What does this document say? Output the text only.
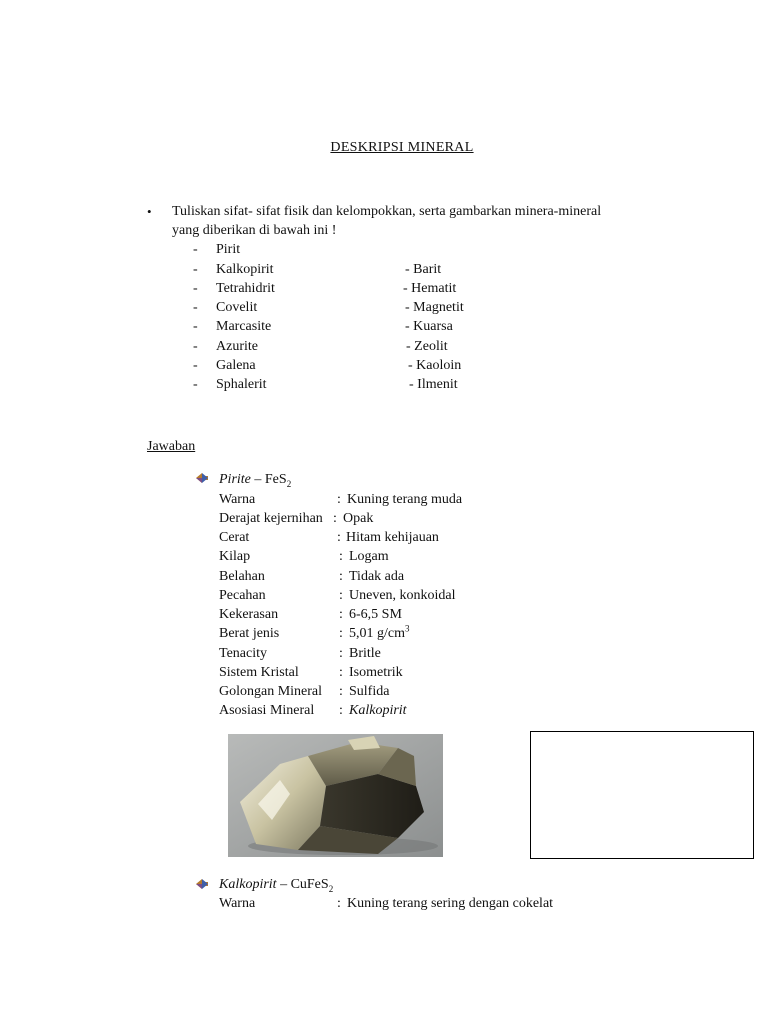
DESKRIPSI MINERAL
• Tuliskan sifat- sifat fisik dan kelompokkan, serta gambarkan minera-mineral
yang diberikan di bawah ini !
- Pirit
- Kalkopirit
- Tetrahidrit
- Covelit
- Marcasite
- Azurite
- Galena
- Sphalerit
- Barit
- Hematit
- Magnetit
- Kuarsa
- Zeolit
- Kaoloin
- Ilmenit
Jawaban
Pirite – FeS$_2$
Warna	: Kuning terang muda
Derajat kejernihan : Opak
Cerat	: Hitam kehijauan
Kilap	: Logam
Belahan	: Tidak ada
Pecahan	: Uneven, konkoidal
Kekerasan	: 6-6,5 SM
Berat jenis	: 5,01 $g/cm^3$
Tenacity	: Britle
Sistem Kristal	: Isometrik
Golongan Mineral : Sulfida
Asosiasi Mineral : Kalkopirit
Kalkopirit – CuFeS$_2$
Warna	: Kuning terang sering dengan cokelat
